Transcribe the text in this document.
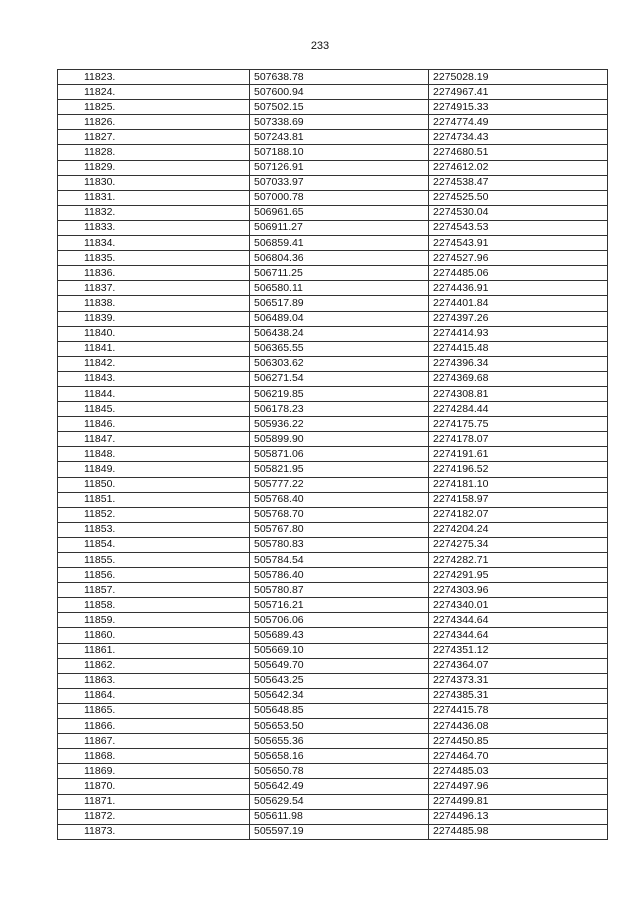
233
11823.	507638.78	2275028.19
11824.	507600.94	2274967.41
11825.	507502.15	2274915.33
11826.	507338.69	2274774.49
11827.	507243.81	2274734.43
11828.	507188.10	2274680.51
11829.	507126.91	2274612.02
11830.	507033.97	2274538.47
11831.	507000.78	2274525.50
11832.	506961.65	2274530.04
11833.	506911.27	2274543.53
11834.	506859.41	2274543.91
11835.	506804.36	2274527.96
11836.	506711.25	2274485.06
11837.	506580.11	2274436.91
11838.	506517.89	2274401.84
11839.	506489.04	2274397.26
11840.	506438.24	2274414.93
11841.	506365.55	2274415.48
11842.	506303.62	2274396.34
11843.	506271.54	2274369.68
11844.	506219.85	2274308.81
11845.	506178.23	2274284.44
11846.	505936.22	2274175.75
11847.	505899.90	2274178.07
11848.	505871.06	2274191.61
11849.	505821.95	2274196.52
11850.	505777.22	2274181.10
11851.	505768.40	2274158.97
11852.	505768.70	2274182.07
11853.	505767.80	2274204.24
11854.	505780.83	2274275.34
11855.	505784.54	2274282.71
11856.	505786.40	2274291.95
11857.	505780.87	2274303.96
11858.	505716.21	2274340.01
11859.	505706.06	2274344.64
11860.	505689.43	2274344.64
11861.	505669.10	2274351.12
11862.	505649.70	2274364.07
11863.	505643.25	2274373.31
11864.	505642.34	2274385.31
11865.	505648.85	2274415.78
11866.	505653.50	2274436.08
11867.	505655.36	2274450.85
11868.	505658.16	2274464.70
11869.	505650.78	2274485.03
11870.	505642.49	2274497.96
11871.	505629.54	2274499.81
11872.	505611.98	2274496.13
11873.	505597.19	2274485.98
